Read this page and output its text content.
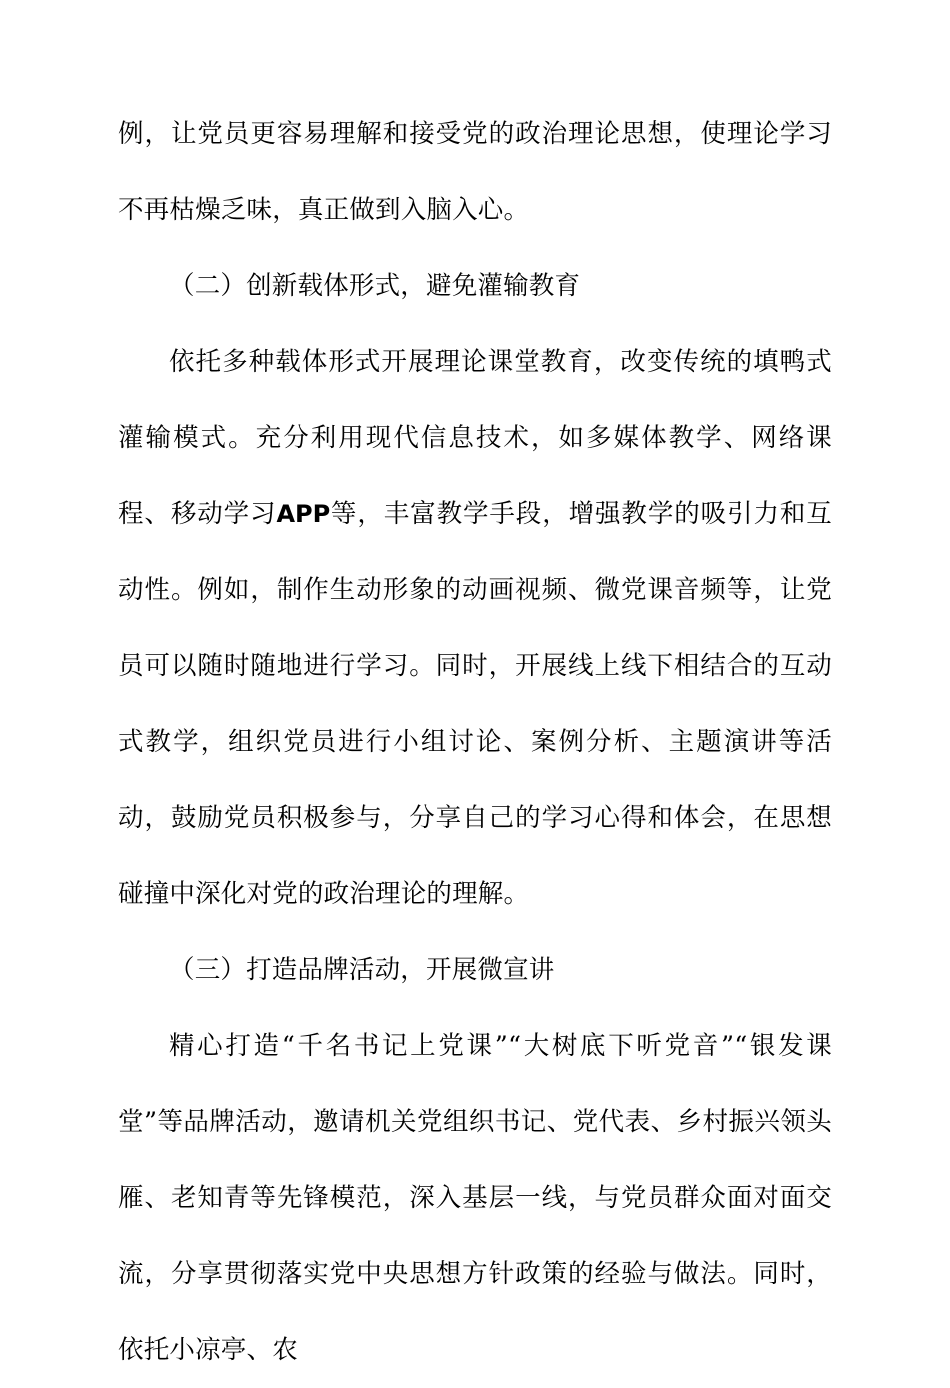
例，让党员更容易理解和接受党的政治理论思想，使理论学习不再枯燥乏味，真正做到入脑入心。

（二）创新载体形式，避免灌输教育

依托多种载体形式开展理论课堂教育，改变传统的填鸭式灌输模式。充分利用现代信息技术，如多媒体教学、网络课程、移动学习APP等，丰富教学手段，增强教学的吸引力和互动性。例如，制作生动形象的动画视频、微党课音频等，让党员可以随时随地进行学习。同时，开展线上线下相结合的互动式教学，组织党员进行小组讨论、案例分析、主题演讲等活动，鼓励党员积极参与，分享自己的学习心得和体会，在思想碰撞中深化对党的政治理论的理解。

（三）打造品牌活动，开展微宣讲

精心打造“千名书记上党课”“大树底下听党音”“银发课堂”等品牌活动，邀请机关党组织书记、党代表、乡村振兴领头雁、老知青等先锋模范，深入基层一线，与党员群众面对面交流，分享贯彻落实党中央思想方针政策的经验与做法。同时，依托小凉亭、农
